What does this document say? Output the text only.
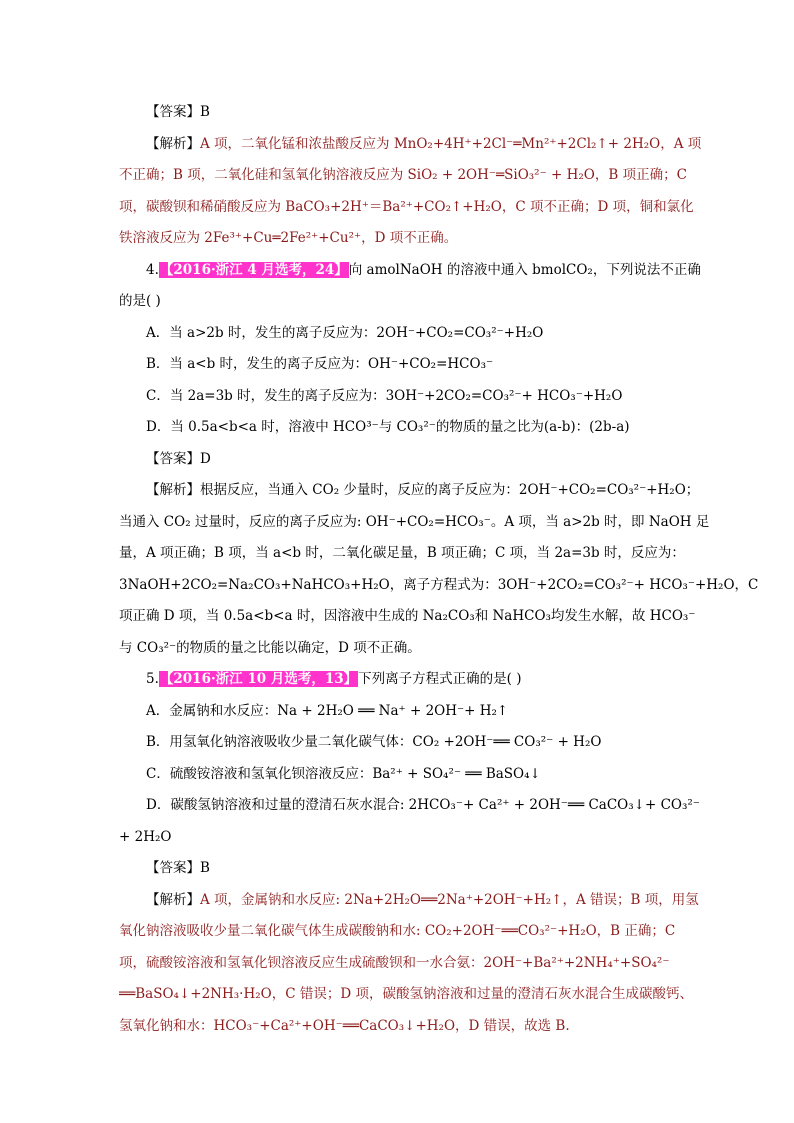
【答案】B
【解析】A 项，二氧化锰和浓盐酸反应为 MnO₂+4H⁺+2Cl⁻═Mn²⁺+2Cl₂↑+ 2H₂O，A 项
不正确；B 项，二氧化硅和氢氧化钠溶液反应为 SiO₂ + 2OH⁻═SiO₃²⁻ + H₂O，B 项正确；C
项，碳酸钡和稀硝酸反应为 BaCO₃+2H⁺＝Ba²⁺+CO₂↑+H₂O，C 项不正确；D 项，铜和氯化
铁溶液反应为 2Fe³⁺+Cu═2Fe²⁺+Cu²⁺，D 项不正确。
4.【2016·浙江 4 月选考，24】向 amolNaOH 的溶液中通入 bmolCO₂，下列说法不正确
的是( )
A．当 a>2b 时，发生的离子反应为：2OH⁻+CO₂=CO₃²⁻+H₂O
B．当 a<b 时，发生的离子反应为：OH⁻+CO₂=HCO₃⁻
C．当 2a=3b 时，发生的离子反应为：3OH⁻+2CO₂=CO₃²⁻+ HCO₃⁻+H₂O
D．当 0.5a<b<a 时，溶液中 HCO³⁻与 CO₃²⁻的物质的量之比为(a-b)：(2b-a)
【答案】D
【解析】根据反应，当通入 CO₂ 少量时，反应的离子反应为：2OH⁻+CO₂=CO₃²⁻+H₂O；
当通入 CO₂ 过量时，反应的离子反应为: OH⁻+CO₂=HCO₃⁻。A 项，当 a>2b 时，即 NaOH 足
量，A 项正确；B 项，当 a<b 时，二氧化碳足量，B 项正确；C 项，当 2a=3b 时，反应为：
3NaOH+2CO₂=Na₂CO₃+NaHCO₃+H₂O，离子方程式为：3OH⁻+2CO₂=CO₃²⁻+ HCO₃⁻+H₂O，C
项正确 D 项，当 0.5a<b<a 时，因溶液中生成的 Na₂CO₃和 NaHCO₃均发生水解，故 HCO₃⁻
与 CO₃²⁻的物质的量之比能以确定，D 项不正确。
5.【2016·浙江 10 月选考，13】下列离子方程式正确的是( )
A．金属钠和水反应：Na + 2H₂O ══ Na⁺ + 2OH⁻+ H₂↑
B．用氢氧化钠溶液吸收少量二氧化碳气体：CO₂ +2OH⁻══ CO₃²⁻ + H₂O
C．硫酸铵溶液和氢氧化钡溶液反应：Ba²⁺ + SO₄²⁻ ══ BaSO₄↓
D．碳酸氢钠溶液和过量的澄清石灰水混合: 2HCO₃⁻+ Ca²⁺ + 2OH⁻══ CaCO₃↓+ CO₃²⁻
+ 2H₂O
【答案】B
【解析】A 项，金属钠和水反应: 2Na+2H₂O══2Na⁺+2OH⁻+H₂↑，A 错误；B 项，用氢
氧化钠溶液吸收少量二氧化碳气体生成碳酸钠和水: CO₂+2OH⁻══CO₃²⁻+H₂O，B 正确；C
项，硫酸铵溶液和氢氧化钡溶液反应生成硫酸钡和一水合氨：2OH⁻+Ba²⁺+2NH₄⁺+SO₄²⁻
══BaSO₄↓+2NH₃·H₂O，C 错误；D 项，碳酸氢钠溶液和过量的澄清石灰水混合生成碳酸钙、
氢氧化钠和水：HCO₃⁻+Ca²⁺+OH⁻══CaCO₃↓+H₂O，D 错误，故选 B.
